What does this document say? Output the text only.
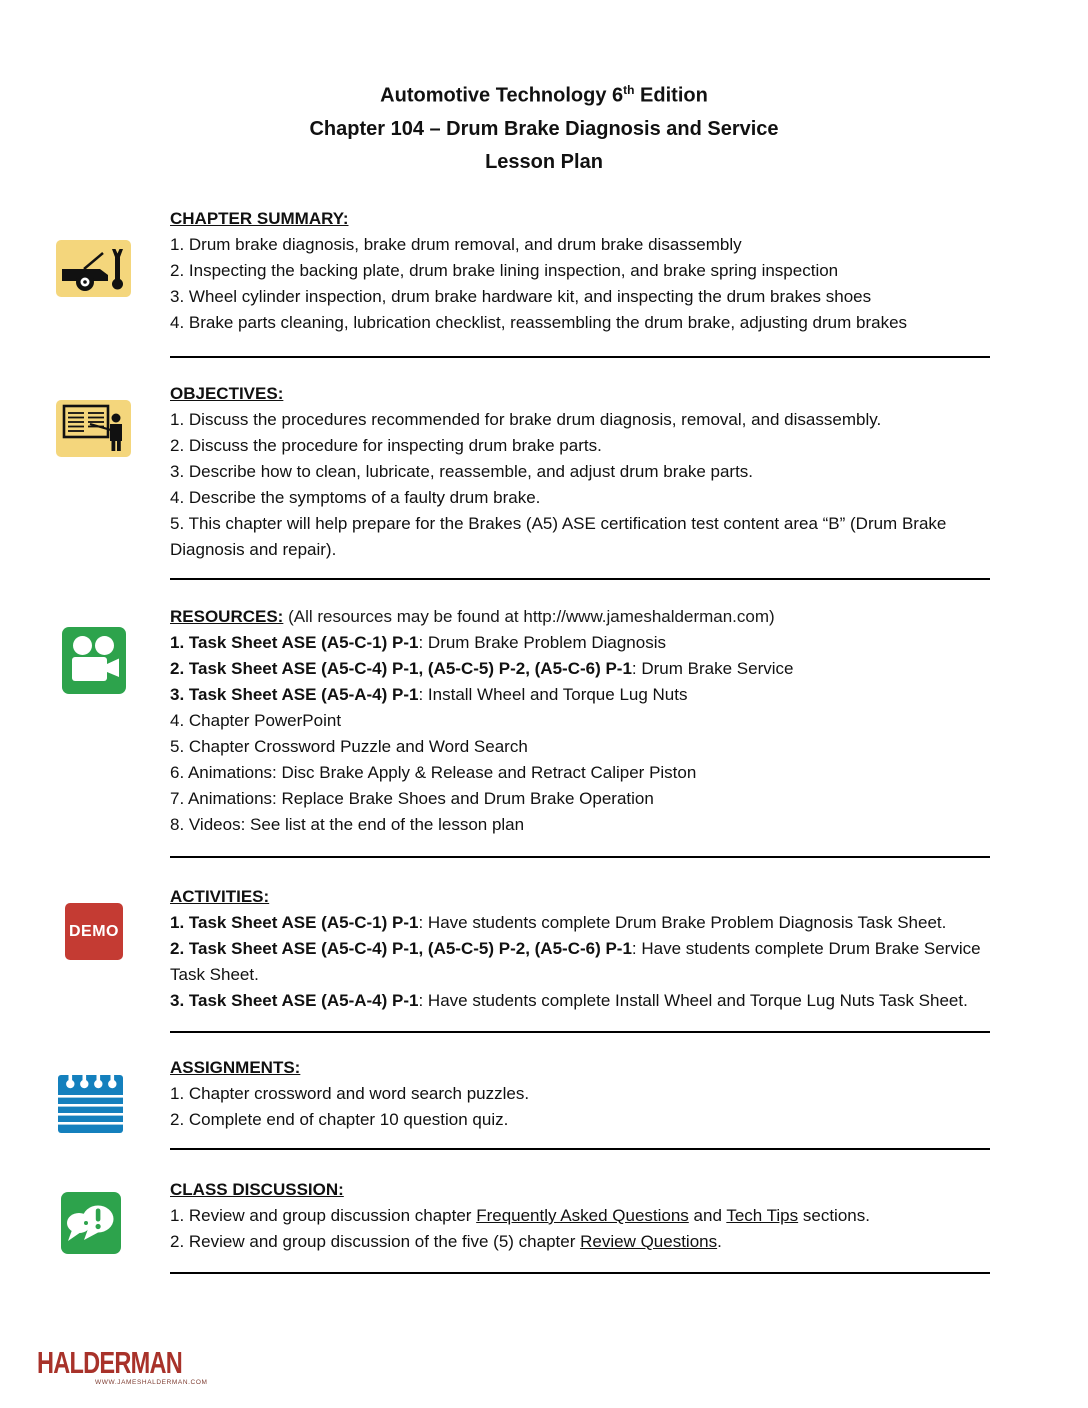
Automotive Technology 6th Edition
Chapter 104 – Drum Brake Diagnosis and Service
Lesson Plan
DEMO
CHAPTER SUMMARY:

1. Drum brake diagnosis, brake drum removal, and drum brake disassembly

2. Inspecting the backing plate, drum brake lining inspection, and brake spring inspection

3. Wheel cylinder inspection, drum brake hardware kit, and inspecting the drum brakes shoes

4. Brake parts cleaning, lubrication checklist, reassembling the drum brake, adjusting drum brakes

OBJECTIVES:

1. Discuss the procedures recommended for brake drum diagnosis, removal, and disassembly.

2. Discuss the procedure for inspecting drum brake parts.

3. Describe how to clean, lubricate, reassemble, and adjust drum brake parts.

4. Describe the symptoms of a faulty drum brake.

5. This chapter will help prepare for the Brakes (A5) ASE certification test content area “B” (Drum Brake Diagnosis and repair).

RESOURCES: (All resources may be found at http://www.jameshalderman.com)

1. Task Sheet ASE (A5-C-1) P-1: Drum Brake Problem Diagnosis

2. Task Sheet ASE (A5-C-4) P-1, (A5-C-5) P-2, (A5-C-6) P-1: Drum Brake Service

3. Task Sheet ASE (A5-A-4) P-1: Install Wheel and Torque Lug Nuts

4. Chapter PowerPoint

5. Chapter Crossword Puzzle and Word Search

6. Animations: Disc Brake Apply & Release and Retract Caliper Piston

7. Animations: Replace Brake Shoes and Drum Brake Operation

8. Videos: See list at the end of the lesson plan

ACTIVITIES:

1. Task Sheet ASE (A5-C-1) P-1: Have students complete Drum Brake Problem Diagnosis Task Sheet.

2. Task Sheet ASE (A5-C-4) P-1, (A5-C-5) P-2, (A5-C-6) P-1: Have students complete Drum Brake Service Task Sheet.

3. Task Sheet ASE (A5-A-4) P-1: Have students complete Install Wheel and Torque Lug Nuts Task Sheet.

ASSIGNMENTS:

1. Chapter crossword and word search puzzles.

2. Complete end of chapter 10 question quiz.

CLASS DISCUSSION:

1. Review and group discussion chapter Frequently Asked Questions and Tech Tips sections.

2. Review and group discussion of the five (5) chapter Review Questions.

HALDERMAN
WWW.JAMESHALDERMAN.COM
